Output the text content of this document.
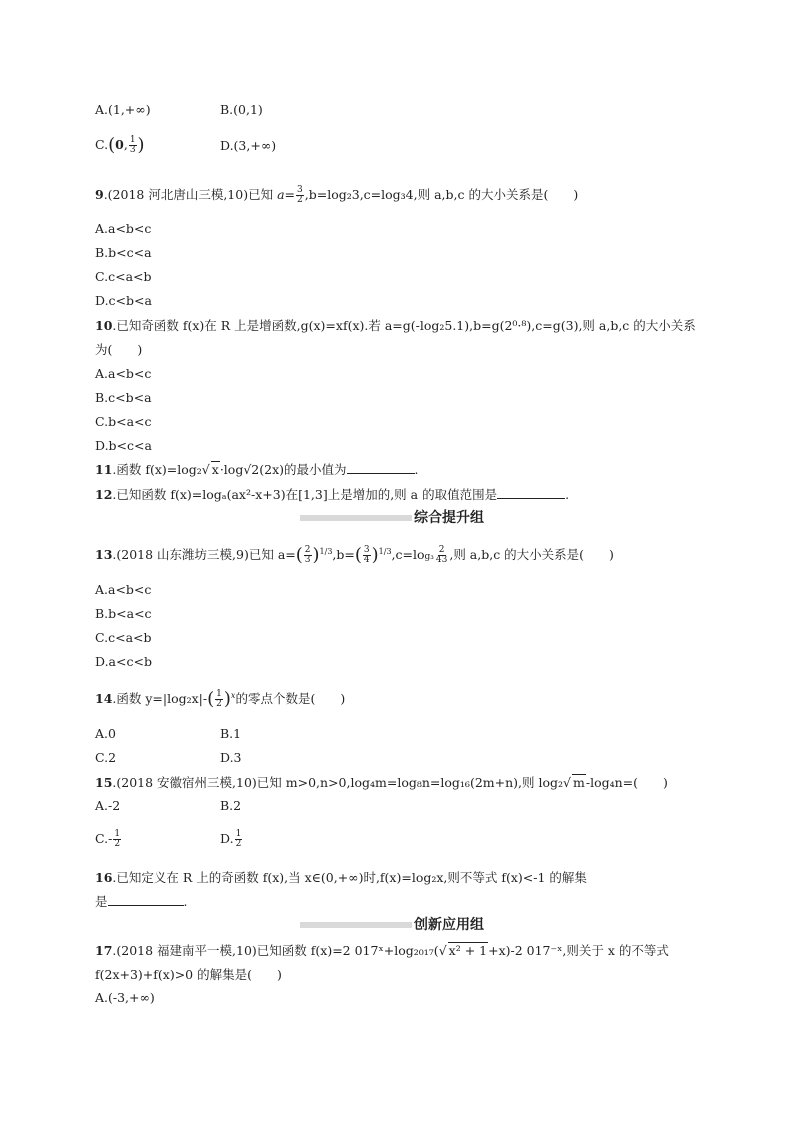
A.(1,+∞)	B.(0,1)
C.(0, $\frac{1}{3}$ )	D.(3,+∞)
9.(2018 河北唐山三模,10)已知 $a= \frac{3}{2} ,b=\log_23,c=\log_34$,则 a,b,c 的大小关系是(　　)
A.a<b<c
B.b<c<a
C.c<a<b
D.c<b<a
10.已知奇函数 f(x)在 R 上是增函数,g(x)=xf(x).若 a=g(-log₂5.1),b=g(2⁰·⁸),c=g(3),则 a,b,c 的大小关系
为(　　)
A.a<b<c
B.c<b<a
C.b<a<c
D.b<c<a
11.函数 f(x)=log₂√ x·log√2(2x)的最小值为	.
12.已知函数 f(x)=logₐ(ax²-x+3)在[1,3]上是增加的,则 a 的取值范围是	.
综合提升组
13.(2018 山东潍坊三模,9)已知 $a=( \frac{2}{3} )^{1/3},b=( \frac{3}{4} )^{1/3},c=\log_3 \frac{2}{43}$ ,则 a,b,c 的大小关系是(　　)
A.a<b<c
B.b<a<c
C.c<a<b
D.a<c<b
14.函数 $y=|\log_2x|-( \frac{1}{2} )^x$的零点个数是(　　)
A.0	B.1
C.2	D.3
15.(2018 安徽宿州三模,10)已知 m>0,n>0,log₄m=log₈n=log₁₆(2m+n),则 log₂√ m-log₄n=(　　)
A.-2	B.2
$C.- \frac{1}{2}$	D. $\frac{1}{2}$
16.已知定义在 R 上的奇函数 f(x),当 x∈(0,+∞)时,f(x)=log₂x,则不等式 f(x)<-1 的解集
是	.
创新应用组
17.(2018 福建南平一模,10)已知函数 f(x)=2 017ˣ+log₂₀₁₇(√ x² + 1+x)-2 017⁻ˣ,则关于 x 的不等式
f(2x+3)+f(x)>0 的解集是(　　)
A.(-3,+∞)
